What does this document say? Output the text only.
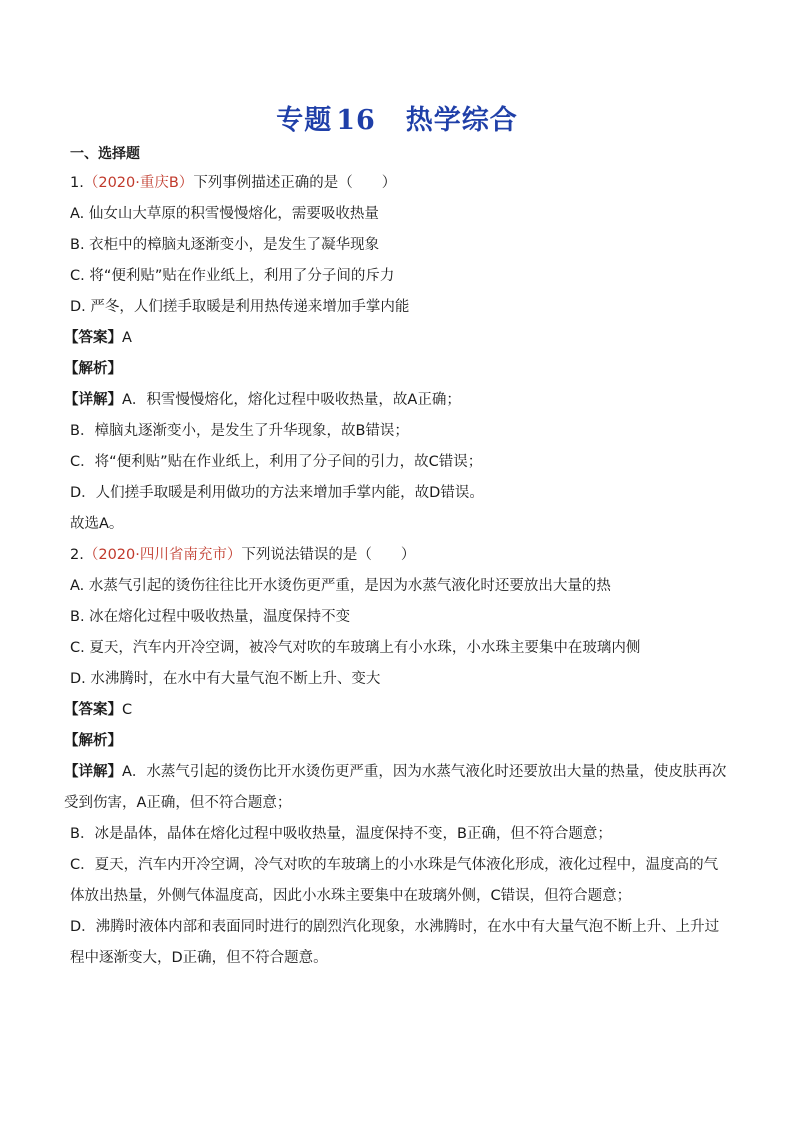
专题 16 热学综合
一、选择题
1.（2020·重庆B）下列事例描述正确的是（　　）
A. 仙女山大草原的积雪慢慢熔化，需要吸收热量
B. 衣柜中的樟脑丸逐渐变小，是发生了凝华现象
C. 将“便利贴”贴在作业纸上，利用了分子间的斥力
D. 严冬，人们搓手取暖是利用热传递来增加手掌内能
【答案】A
【解析】
【详解】A．积雪慢慢熔化，熔化过程中吸收热量，故A正确；
B．樟脑丸逐渐变小，是发生了升华现象，故B错误；
C．将“便利贴”贴在作业纸上，利用了分子间的引力，故C错误；
D．人们搓手取暖是利用做功的方法来增加手掌内能，故D错误。
故选A。
2.（2020·四川省南充市）下列说法错误的是（　　）
A. 水蒸气引起的烫伤往往比开水烫伤更严重，是因为水蒸气液化时还要放出大量的热
B. 冰在熔化过程中吸收热量，温度保持不变
C. 夏天，汽车内开冷空调，被冷气对吹的车玻璃上有小水珠，小水珠主要集中在玻璃内侧
D. 水沸腾时，在水中有大量气泡不断上升、变大
【答案】C
【解析】
【详解】A．水蒸气引起的烫伤比开水烫伤更严重，因为水蒸气液化时还要放出大量的热量，使皮肤再次受到伤害，A正确，但不符合题意；
B．冰是晶体，晶体在熔化过程中吸收热量，温度保持不变，B正确，但不符合题意；
C．夏天，汽车内开冷空调，冷气对吹的车玻璃上的小水珠是气体液化形成，液化过程中，温度高的气体放出热量，外侧气体温度高，因此小水珠主要集中在玻璃外侧，C错误，但符合题意；
D．沸腾时液体内部和表面同时进行的剧烈汽化现象，水沸腾时，在水中有大量气泡不断上升、上升过程中逐渐变大，D正确，但不符合题意。
